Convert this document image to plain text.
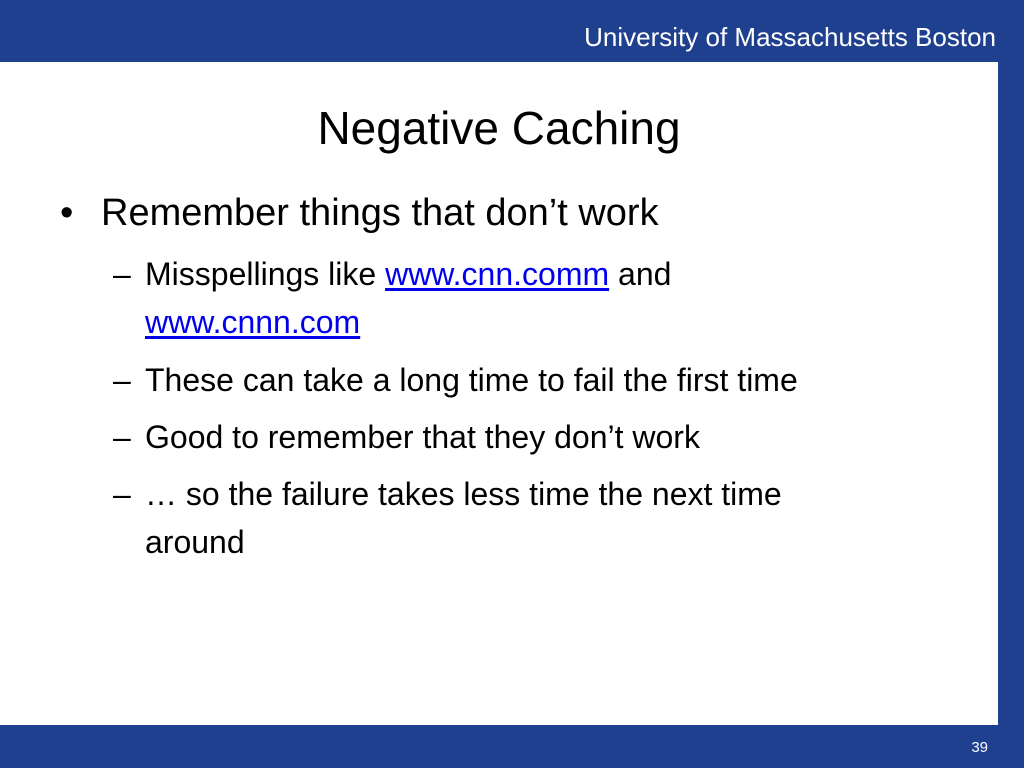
University of Massachusetts Boston
Negative Caching
• Remember things that don’t work
– Misspellings like www.cnn.comm and
www.cnnn.com
– These can take a long time to fail the first time
– Good to remember that they don’t work
– … so the failure takes less time the next time
around
39
